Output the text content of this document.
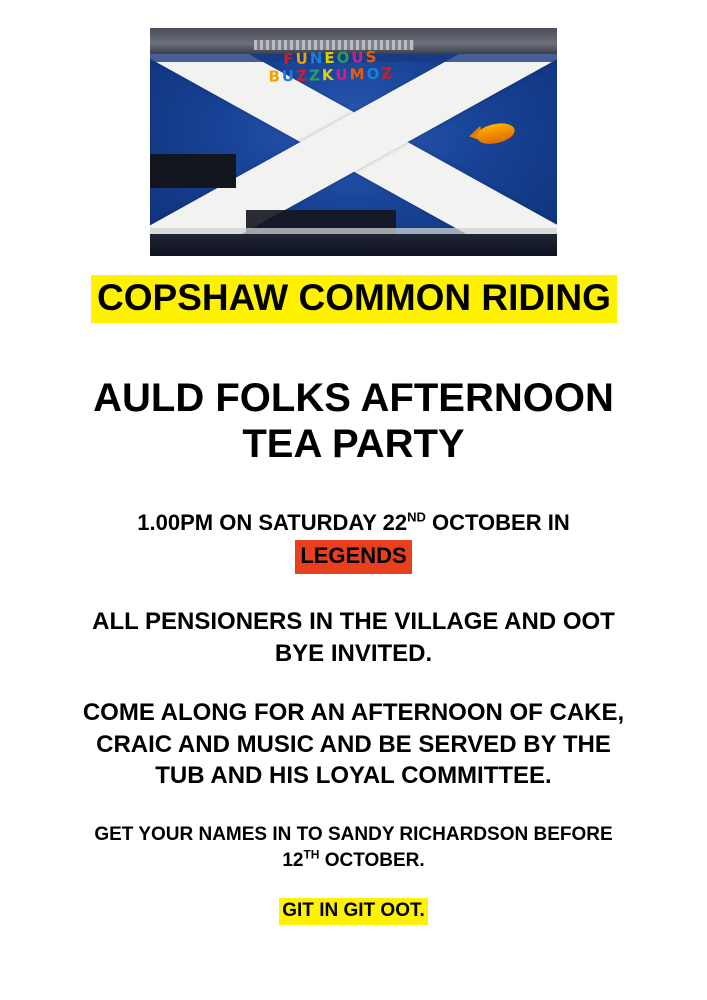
FUNEOUS
BUZZKUMOZ
COPSHAW COMMON RIDING
AULD FOLKS AFTERNOON
TEA PARTY
1.00PM ON SATURDAY 22ND OCTOBER IN
LEGENDS
ALL PENSIONERS IN THE VILLAGE AND OOT
BYE INVITED.
COME ALONG FOR AN AFTERNOON OF CAKE,
CRAIC AND MUSIC AND BE SERVED BY THE
TUB AND HIS LOYAL COMMITTEE.
GET YOUR NAMES IN TO SANDY RICHARDSON BEFORE
12TH OCTOBER.
GIT IN GIT OOT.
